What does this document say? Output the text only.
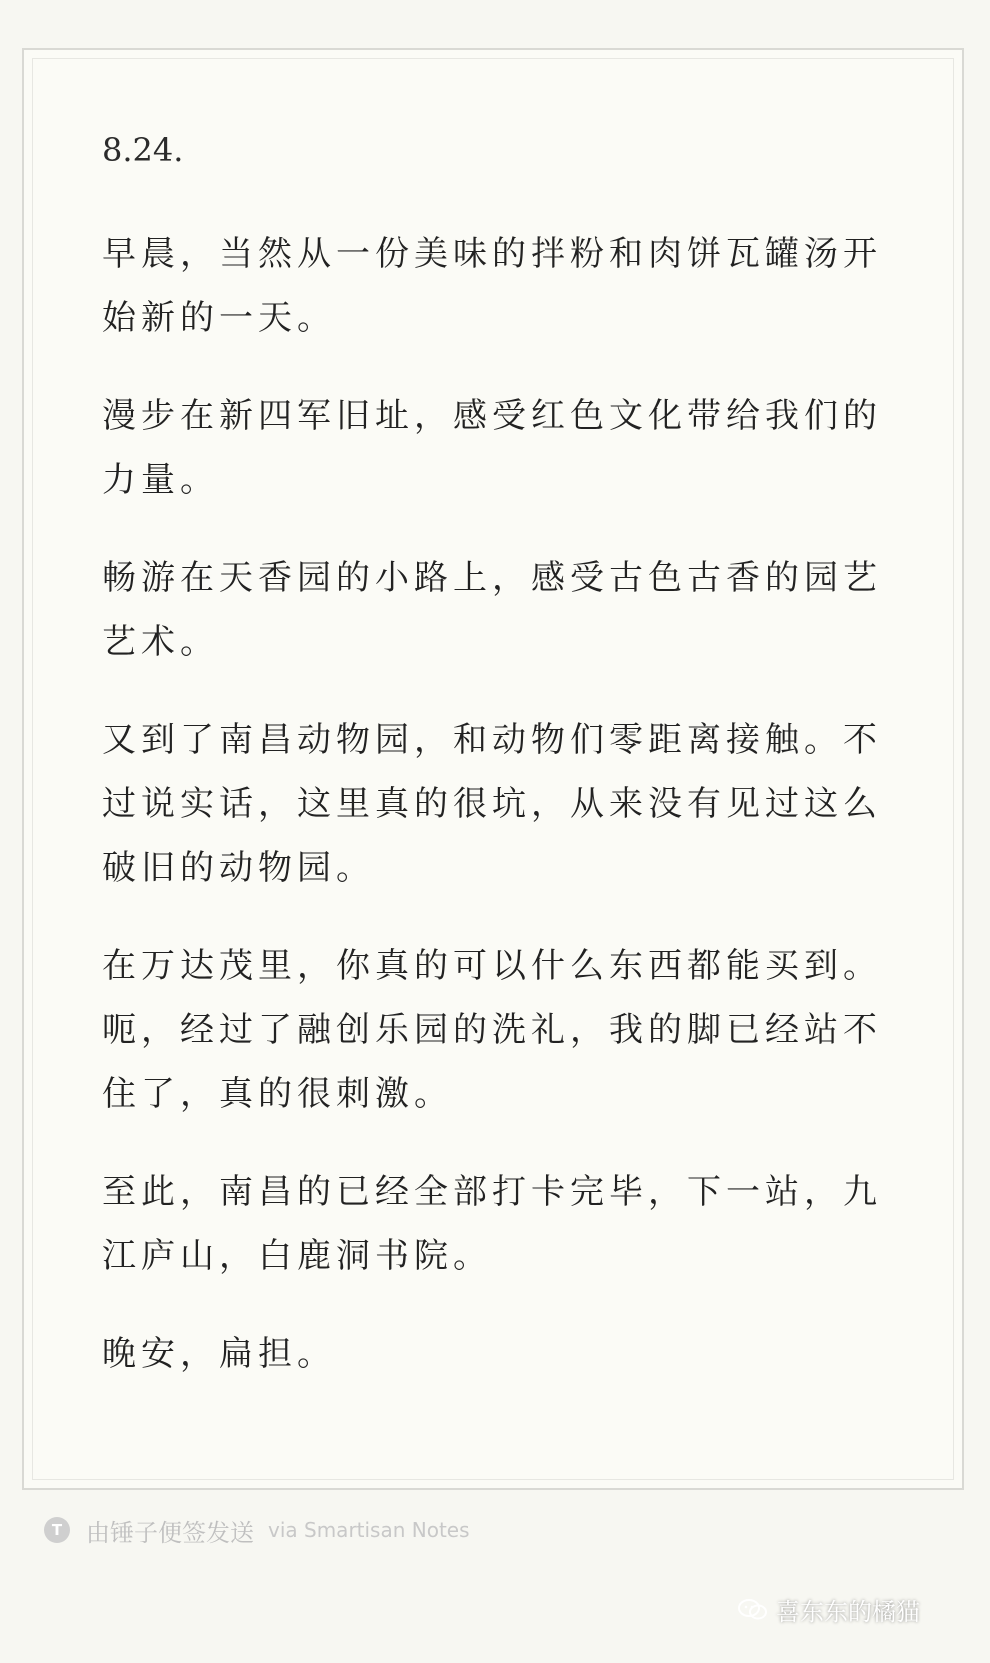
8.24.

早晨，当然从一份美味的拌粉和肉饼瓦罐汤开始新的一天。

漫步在新四军旧址，感受红色文化带给我们的力量。

畅游在天香园的小路上，感受古色古香的园艺艺术。

又到了南昌动物园，和动物们零距离接触。不过说实话，这里真的很坑，从来没有见过这么破旧的动物园。

在万达茂里，你真的可以什么东西都能买到。呃，经过了融创乐园的洗礼，我的脚已经站不住了，真的很刺激。

至此，南昌的已经全部打卡完毕，下一站，九江庐山，白鹿洞书院。

晚安，扁担。

T 由锤子便签发送 via Smartisan Notes
喜东东的橘猫
